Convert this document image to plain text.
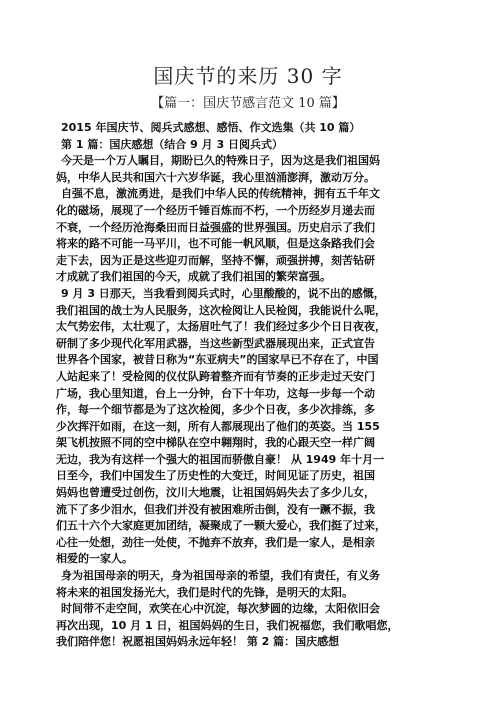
国庆节的来历 30 字
【篇一：国庆节感言范文 10 篇】
2015 年国庆节、阅兵式感想、感悟、作文选集（共 10 篇）
第 1 篇：国庆感想（结合 9 月 3 日阅兵式）
今天是一个万人瞩目，期盼已久的特殊日子，因为这是我们祖国妈
妈，中华人民共和国六十六岁华诞，我心里汹涌澎湃，激动万分。
自强不息，激流勇进，是我们中华人民的传统精神，拥有五千年文
化的磁场，展现了一个经历千锤百炼而不朽，一个历经岁月递去而
不衰，一个经历沧海桑田而日益强盛的世界强国。历史启示了我们
将来的路不可能一马平川，也不可能一帆风顺，但是这条路我们会
走下去，因为正是这些迎刃而解，坚持不懈，顽强拼搏，刻苦钻研
才成就了我们祖国的今天，成就了我们祖国的繁荣富强。
9 月 3 日那天，当我看到阅兵式时，心里酸酸的，说不出的感慨，
我们祖国的战士为人民服务，这次检阅让人民检阅，我能说什么呢，
太气势宏伟，太壮观了，太扬眉吐气了！我们经过多少个日日夜夜，
研制了多少现代化军用武器，当这些新型武器展现出来，正式宣告
世界各个国家，被昔日称为“东亚病夫”的国家早已不存在了，中国
人站起来了！受检阅的仪仗队跨着整齐而有节奏的正步走过天安门
广场，我心里知道，台上一分钟，台下十年功，这每一步每一个动
作，每一个细节都是为了这次检阅，多少个日夜，多少次排练，多
少次挥汗如雨，在这一刻，所有人都展现出了他们的英姿。当 155
架飞机按照不同的空中梯队在空中翱翔时，我的心跟天空一样广阔
无边，我为有这样一个强大的祖国而骄傲自豪！ 从 1949 年十月一
日至今，我们中国发生了历史性的大变迁，时间见证了历史，祖国
妈妈也曾遭受过创伤，汶川大地震，让祖国妈妈失去了多少儿女，
流下了多少泪水，但我们并没有被困难所击倒，没有一蹶不振，我
们五十六个大家庭更加团结，凝聚成了一颗大爱心，我们挺了过来，
心往一处想，劲往一处使，不抛弃不放弃，我们是一家人，是相亲
相爱的一家人。
身为祖国母亲的明天，身为祖国母亲的希望，我们有责任，有义务
将未来的祖国发扬光大，我们是时代的先锋，是明天的太阳。
时间带不走空间，欢笑在心中沉淀，每次梦圆的边缘，太阳依旧会
再次出现，10 月 1 日，祖国妈妈的生日，我们祝福您，我们歌唱您，
我们陪伴您！祝愿祖国妈妈永远年轻！ 第 2 篇：国庆感想
